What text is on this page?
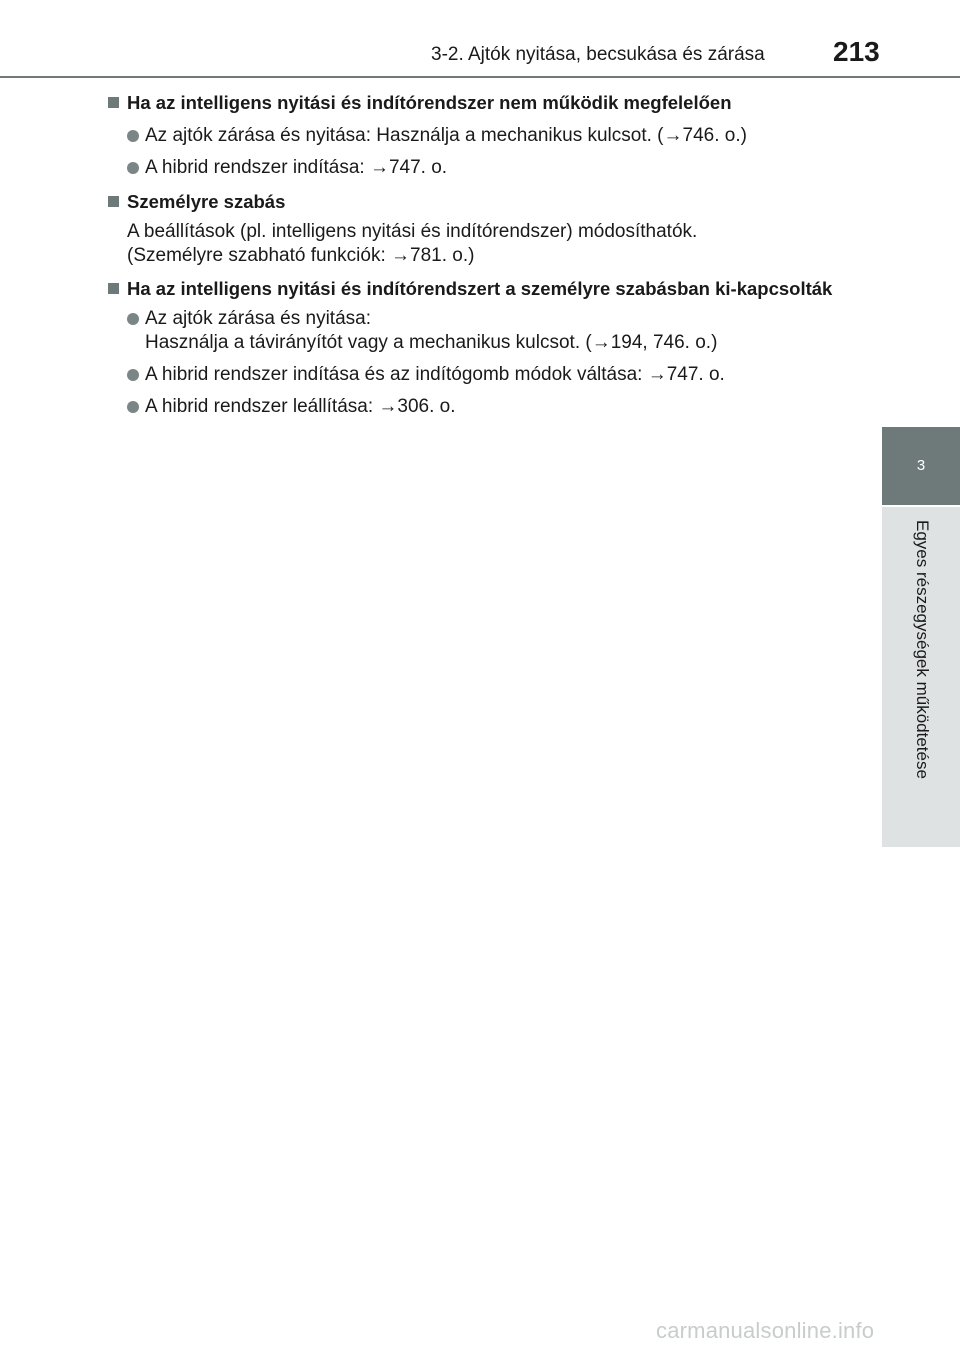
3-2. Ajtók nyitása, becsukása és zárása 213
3
Egyes részegységek működtetése
Ha az intelligens nyitási és indítórendszer nem működik megfelelően
Az ajtók zárása és nyitása: Használja a mechanikus kulcsot. (→746. o.)
A hibrid rendszer indítása: →747. o.
Személyre szabás
A beállítások (pl. intelligens nyitási és indítórendszer) módosíthatók.
(Személyre szabható funkciók: →781. o.)
Ha az intelligens nyitási és indítórendszert a személyre szabásban ki-kapcsolták
Az ajtók zárása és nyitása:
Használja a távirányítót vagy a mechanikus kulcsot. (→194, 746. o.)
A hibrid rendszer indítása és az indítógomb módok váltása: →747. o.
A hibrid rendszer leállítása: →306. o.
carmanualsonline.info
